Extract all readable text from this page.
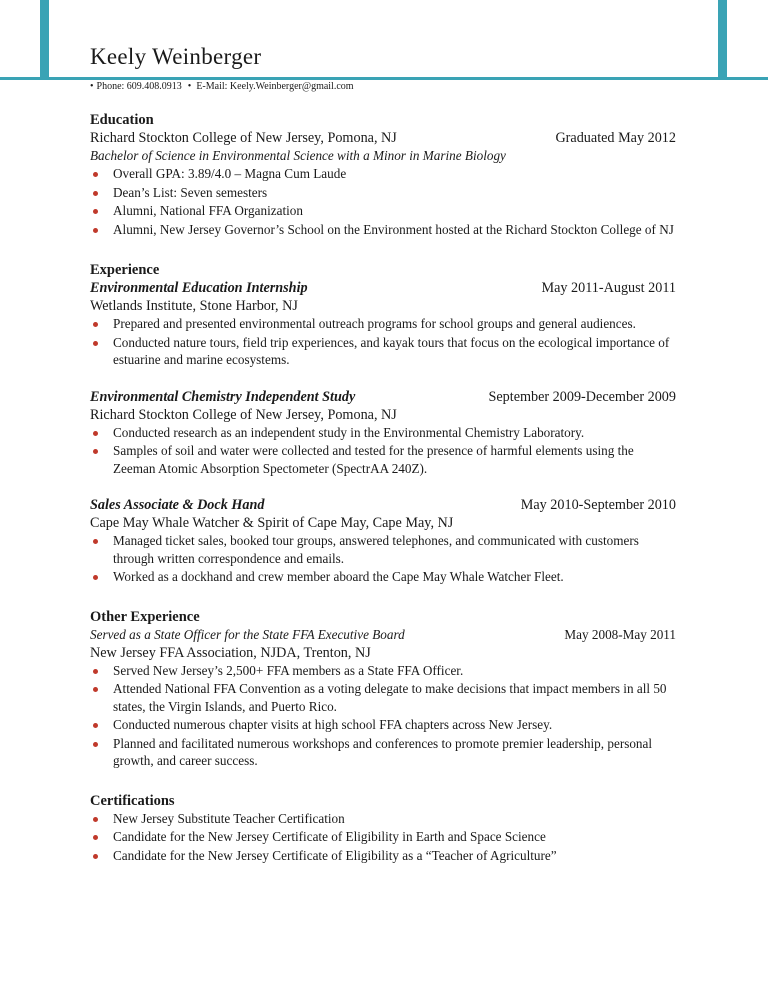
Keely Weinberger
• Phone: 609.408.0913 • E-Mail: Keely.Weinberger@gmail.com
Education
Richard Stockton College of New Jersey, Pomona, NJ	Graduated May 2012
Bachelor of Science in Environmental Science with a Minor in Marine Biology
Overall GPA: 3.89/4.0 – Magna Cum Laude
Dean’s List: Seven semesters
Alumni, National FFA Organization
Alumni, New Jersey Governor’s School on the Environment hosted at the Richard Stockton College of NJ
Experience
Environmental Education Internship	May 2011-August 2011
Wetlands Institute, Stone Harbor, NJ
Prepared and presented environmental outreach programs for school groups and general audiences.
Conducted nature tours, field trip experiences, and kayak tours that focus on the ecological importance of estuarine and marine ecosystems.
Environmental Chemistry Independent Study	September 2009-December 2009
Richard Stockton College of New Jersey, Pomona, NJ
Conducted research as an independent study in the Environmental Chemistry Laboratory.
Samples of soil and water were collected and tested for the presence of harmful elements using the Zeeman Atomic Absorption Spectometer (SpectrAA 240Z).
Sales Associate & Dock Hand	May 2010-September 2010
Cape May Whale Watcher & Spirit of Cape May, Cape May, NJ
Managed ticket sales, booked tour groups, answered telephones, and communicated with customers through written correspondence and emails.
Worked as a dockhand and crew member aboard the Cape May Whale Watcher Fleet.
Other Experience
Served as a State Officer for the State FFA Executive Board	May 2008-May 2011
New Jersey FFA Association, NJDA, Trenton, NJ
Served New Jersey’s 2,500+ FFA members as a State FFA Officer.
Attended National FFA Convention as a voting delegate to make decisions that impact members in all 50 states, the Virgin Islands, and Puerto Rico.
Conducted numerous chapter visits at high school FFA chapters across New Jersey.
Planned and facilitated numerous workshops and conferences to promote premier leadership, personal growth, and career success.
Certifications
New Jersey Substitute Teacher Certification
Candidate for the New Jersey Certificate of Eligibility in Earth and Space Science
Candidate for the New Jersey Certificate of Eligibility as a “Teacher of Agriculture”
